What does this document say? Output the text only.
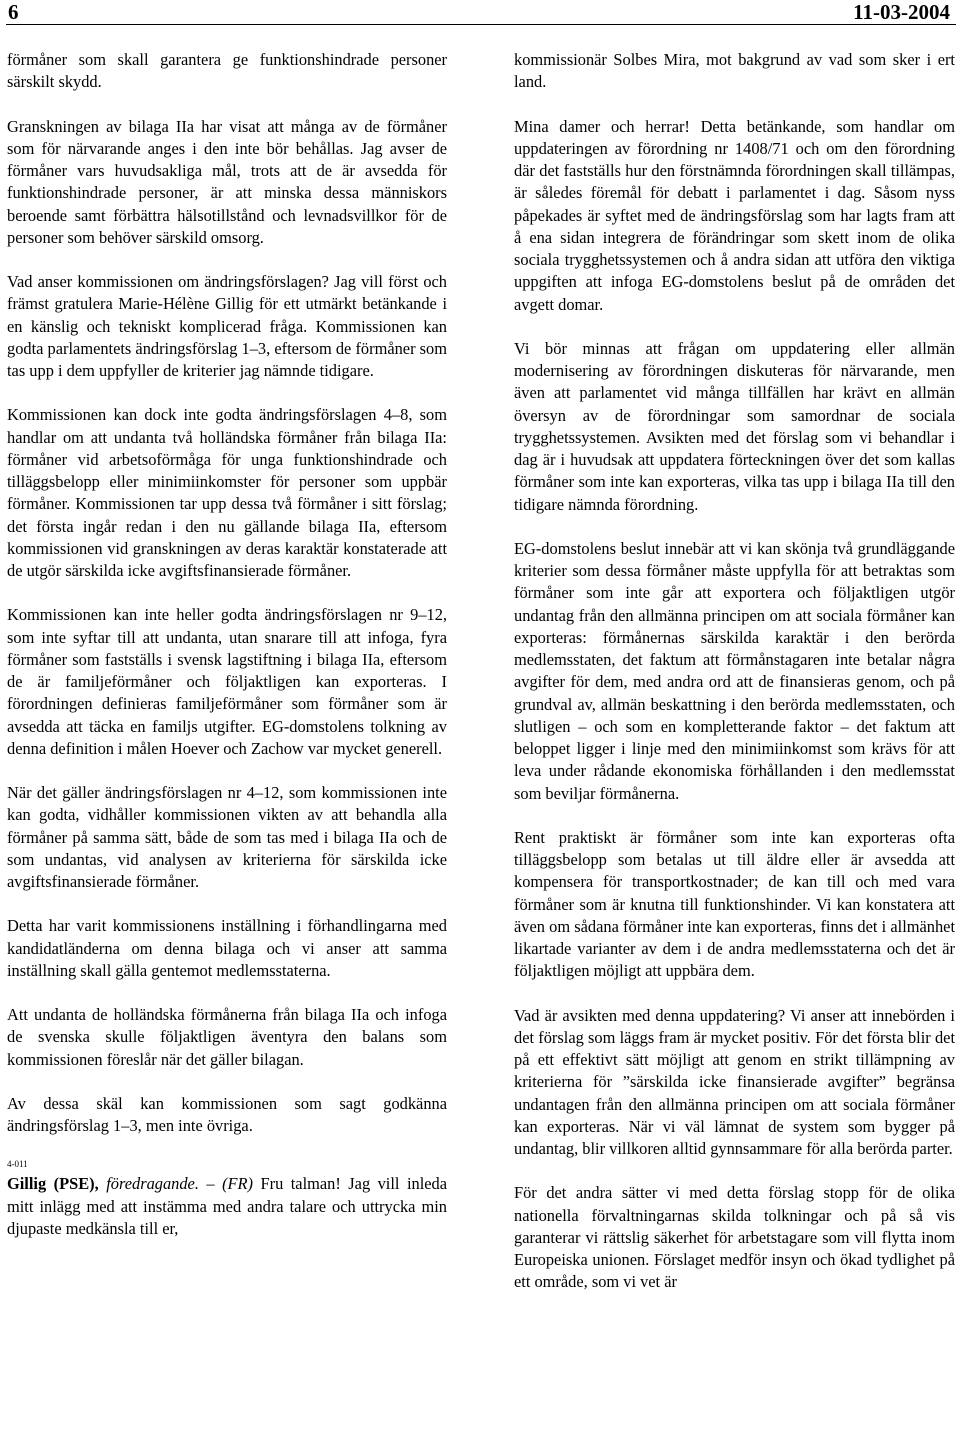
6	11-03-2004

förmåner som skall garantera ge funktionshindrade personer särskilt skydd.

Granskningen av bilaga IIa har visat att många av de förmåner som för närvarande anges i den inte bör behållas. Jag avser de förmåner vars huvudsakliga mål, trots att de är avsedda för funktionshindrade personer, är att minska dessa människors beroende samt förbättra hälsotillstånd och levnadsvillkor för de personer som behöver särskild omsorg.

Vad anser kommissionen om ändringsförslagen? Jag vill först och främst gratulera Marie-Hélène Gillig för ett utmärkt betänkande i en känslig och tekniskt komplicerad fråga. Kommissionen kan godta parlamentets ändringsförslag 1–3, eftersom de förmåner som tas upp i dem uppfyller de kriterier jag nämnde tidigare.

Kommissionen kan dock inte godta ändringsförslagen 4–8, som handlar om att undanta två holländska förmåner från bilaga IIa: förmåner vid arbetsoförmåga för unga funktionshindrade och tilläggsbelopp eller minimiinkomster för personer som uppbär förmåner. Kommissionen tar upp dessa två förmåner i sitt förslag; det första ingår redan i den nu gällande bilaga IIa, eftersom kommissionen vid granskningen av deras karaktär konstaterade att de utgör särskilda icke avgiftsfinansierade förmåner.

Kommissionen kan inte heller godta ändringsförslagen nr 9–12, som inte syftar till att undanta, utan snarare till att infoga, fyra förmåner som fastställs i svensk lagstiftning i bilaga IIa, eftersom de är familjeförmåner och följaktligen kan exporteras. I förordningen definieras familjeförmåner som förmåner som är avsedda att täcka en familjs utgifter. EG-domstolens tolkning av denna definition i målen Hoever och Zachow var mycket generell.

När det gäller ändringsförslagen nr 4–12, som kommissionen inte kan godta, vidhåller kommissionen vikten av att behandla alla förmåner på samma sätt, både de som tas med i bilaga IIa och de som undantas, vid analysen av kriterierna för särskilda icke avgiftsfinansierade förmåner.

Detta har varit kommissionens inställning i förhandlingarna med kandidatländerna om denna bilaga och vi anser att samma inställning skall gälla gentemot medlemsstaterna.

Att undanta de holländska förmånerna från bilaga IIa och infoga de svenska skulle följaktligen äventyra den balans som kommissionen föreslår när det gäller bilagan.

Av dessa skäl kan kommissionen som sagt godkänna ändringsförslag 1–3, men inte övriga.

4-011
Gillig (PSE), föredragande. – (FR) Fru talman! Jag vill inleda mitt inlägg med att instämma med andra talare och uttrycka min djupaste medkänsla till er,

kommissionär Solbes Mira, mot bakgrund av vad som sker i ert land.

Mina damer och herrar! Detta betänkande, som handlar om uppdateringen av förordning nr 1408/71 och om den förordning där det fastställs hur den förstnämnda förordningen skall tillämpas, är således föremål för debatt i parlamentet i dag. Såsom nyss påpekades är syftet med de ändringsförslag som har lagts fram att å ena sidan integrera de förändringar som skett inom de olika sociala trygghetssystemen och å andra sidan att utföra den viktiga uppgiften att infoga EG-domstolens beslut på de områden det avgett domar.

Vi bör minnas att frågan om uppdatering eller allmän modernisering av förordningen diskuteras för närvarande, men även att parlamentet vid många tillfällen har krävt en allmän översyn av de förordningar som samordnar de sociala trygghetssystemen. Avsikten med det förslag som vi behandlar i dag är i huvudsak att uppdatera förteckningen över det som kallas förmåner som inte kan exporteras, vilka tas upp i bilaga IIa till den tidigare nämnda förordning.

EG-domstolens beslut innebär att vi kan skönja två grundläggande kriterier som dessa förmåner måste uppfylla för att betraktas som förmåner som inte går att exportera och följaktligen utgör undantag från den allmänna principen om att sociala förmåner kan exporteras: förmånernas särskilda karaktär i den berörda medlemsstaten, det faktum att förmånstagaren inte betalar några avgifter för dem, med andra ord att de finansieras genom, och på grundval av, allmän beskattning i den berörda medlemsstaten, och slutligen – och som en kompletterande faktor – det faktum att beloppet ligger i linje med den minimiinkomst som krävs för att leva under rådande ekonomiska förhållanden i den medlemsstat som beviljar förmånerna.

Rent praktiskt är förmåner som inte kan exporteras ofta tilläggsbelopp som betalas ut till äldre eller är avsedda att kompensera för transportkostnader; de kan till och med vara förmåner som är knutna till funktionshinder. Vi kan konstatera att även om sådana förmåner inte kan exporteras, finns det i allmänhet likartade varianter av dem i de andra medlemsstaterna och det är följaktligen möjligt att uppbära dem.

Vad är avsikten med denna uppdatering? Vi anser att innebörden i det förslag som läggs fram är mycket positiv. För det första blir det på ett effektivt sätt möjligt att genom en strikt tillämpning av kriterierna för ”särskilda icke finansierade avgifter” begränsa undantagen från den allmänna principen om att sociala förmåner kan exporteras. När vi väl lämnat de system som bygger på undantag, blir villkoren alltid gynnsammare för alla berörda parter.

För det andra sätter vi med detta förslag stopp för de olika nationella förvaltningarnas skilda tolkningar och på så vis garanterar vi rättslig säkerhet för arbetstagare som vill flytta inom Europeiska unionen. Förslaget medför insyn och ökad tydlighet på ett område, som vi vet är
